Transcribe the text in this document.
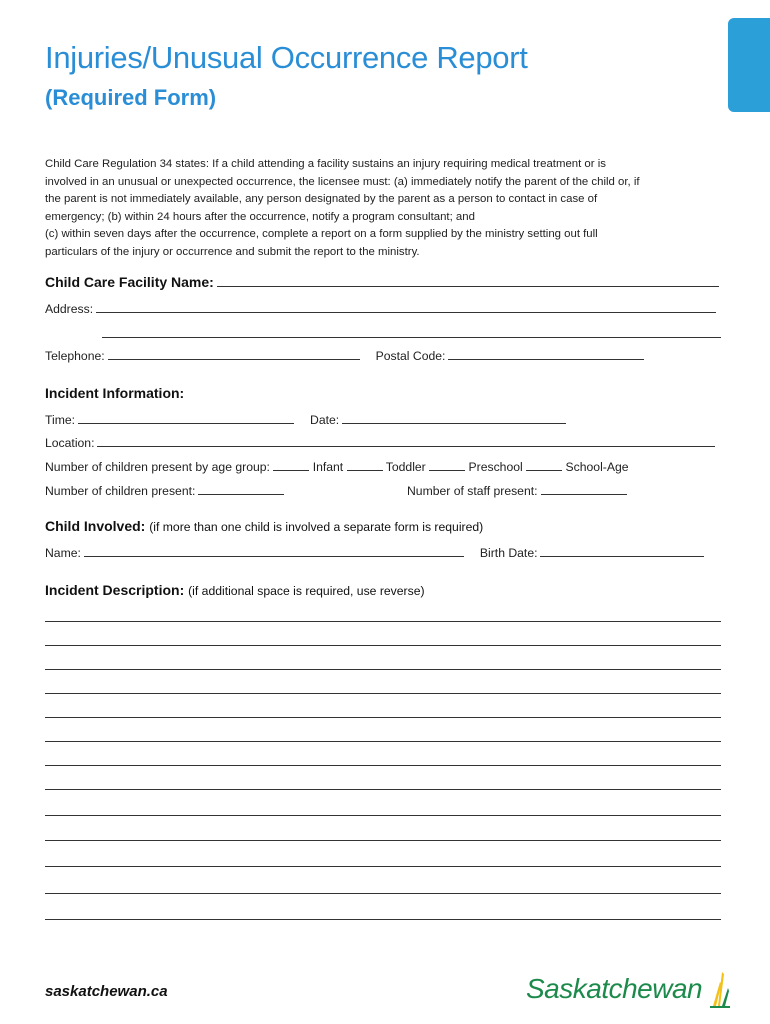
Injuries/Unusual Occurrence Report
(Required Form)
Child Care Regulation 34 states: If a child attending a facility sustains an injury requiring medical treatment or is
involved in an unusual or unexpected occurrence, the licensee must: (a) immediately notify the parent of the child or, if
the parent is not immediately available, any person designated by the parent as a person to contact in case of
emergency; (b) within 24 hours after the occurrence, notify a program consultant; and
(c) within seven days after the occurrence, complete a report on a form supplied by the ministry setting out full
particulars of the injury or occurrence and submit the report to the ministry.
Child Care Facility Name:
Address:
Telephone:	Postal Code:
Incident Information:
Time:	Date:
Location:
Number of children present by age group:	Infant	Toddler	Preschool	School-Age
Number of children present:	Number of staff present:
Child Involved: (if more than one child is involved a separate form is required)
Name:	Birth Date:
Incident Description: (if additional space is required, use reverse)
saskatchewan.ca	Saskatchewan
